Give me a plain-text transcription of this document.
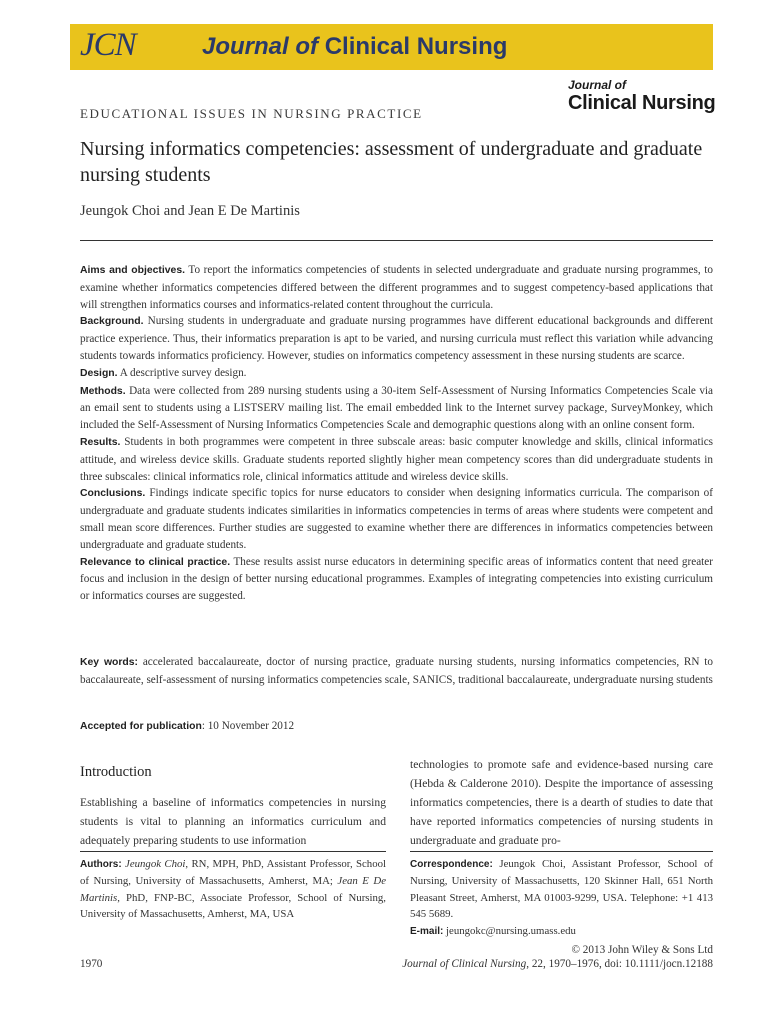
JCN	Journal of Clinical Nursing
Journal of
Clinical Nursing
EDUCATIONAL ISSUES IN NURSING PRACTICE
Nursing informatics competencies: assessment of undergraduate and graduate nursing students
Jeungok Choi and Jean E De Martinis

Aims and objectives. To report the informatics competencies of students in selected undergraduate and graduate nursing programmes, to examine whether informatics competencies differed between the different programmes and to suggest competency-based applications that will strengthen informatics courses and informatics-related content throughout the curricula.

Background. Nursing students in undergraduate and graduate nursing programmes have different educational backgrounds and different practice experience. Thus, their informatics preparation is apt to be varied, and nursing curricula must reflect this variation while advancing students towards informatics proficiency. However, studies on informatics competency assessment in these nursing students are scarce.

Design. A descriptive survey design.

Methods. Data were collected from 289 nursing students using a 30-item Self-Assessment of Nursing Informatics Competencies Scale via an email sent to students using a LISTSERV mailing list. The email embedded link to the Internet survey package, SurveyMonkey, which included the Self-Assessment of Nursing Informatics Competencies Scale and demographic questions along with an online consent form.

Results. Students in both programmes were competent in three subscale areas: basic computer knowledge and skills, clinical informatics attitude, and wireless device skills. Graduate students reported slightly higher mean competency scores than did undergraduate students in three subscales: clinical informatics role, clinical informatics attitude and wireless device skills.

Conclusions. Findings indicate specific topics for nurse educators to consider when designing informatics curricula. The comparison of undergraduate and graduate students indicates similarities in informatics competencies in terms of areas where students were competent and small mean score differences. Further studies are suggested to examine whether there are differences in informatics competencies between undergraduate and graduate students.

Relevance to clinical practice. These results assist nurse educators in determining specific areas of informatics content that need greater focus and inclusion in the design of better nursing educational programmes. Examples of integrating competencies into existing curriculum or informatics courses are suggested.

Key words: accelerated baccalaureate, doctor of nursing practice, graduate nursing students, nursing informatics competencies, RN to baccalaureate, self-assessment of nursing informatics competencies scale, SANICS, traditional baccalaureate, undergraduate nursing students
Accepted for publication: 10 November 2012
Introduction
Establishing a baseline of informatics competencies in nursing students is vital to planning an informatics curriculum and adequately preparing students to use information
technologies to promote safe and evidence-based nursing care (Hebda & Calderone 2010). Despite the importance of assessing informatics competencies, there is a dearth of studies to date that have reported informatics competencies of nursing students in undergraduate and graduate pro-
Authors: Jeungok Choi, RN, MPH, PhD, Assistant Professor, School of Nursing, University of Massachusetts, Amherst, MA; Jean E De Martinis, PhD, FNP-BC, Associate Professor, School of Nursing, University of Massachusetts, Amherst, MA, USA
Correspondence: Jeungok Choi, Assistant Professor, School of Nursing, University of Massachusetts, 120 Skinner Hall, 651 North Pleasant Street, Amherst, MA 01003-9299, USA. Telephone: +1 413 545 5689.
E-mail: jeungokc@nursing.umass.edu
© 2013 John Wiley & Sons Ltd
1970	Journal of Clinical Nursing, 22, 1970–1976, doi: 10.1111/jocn.12188
